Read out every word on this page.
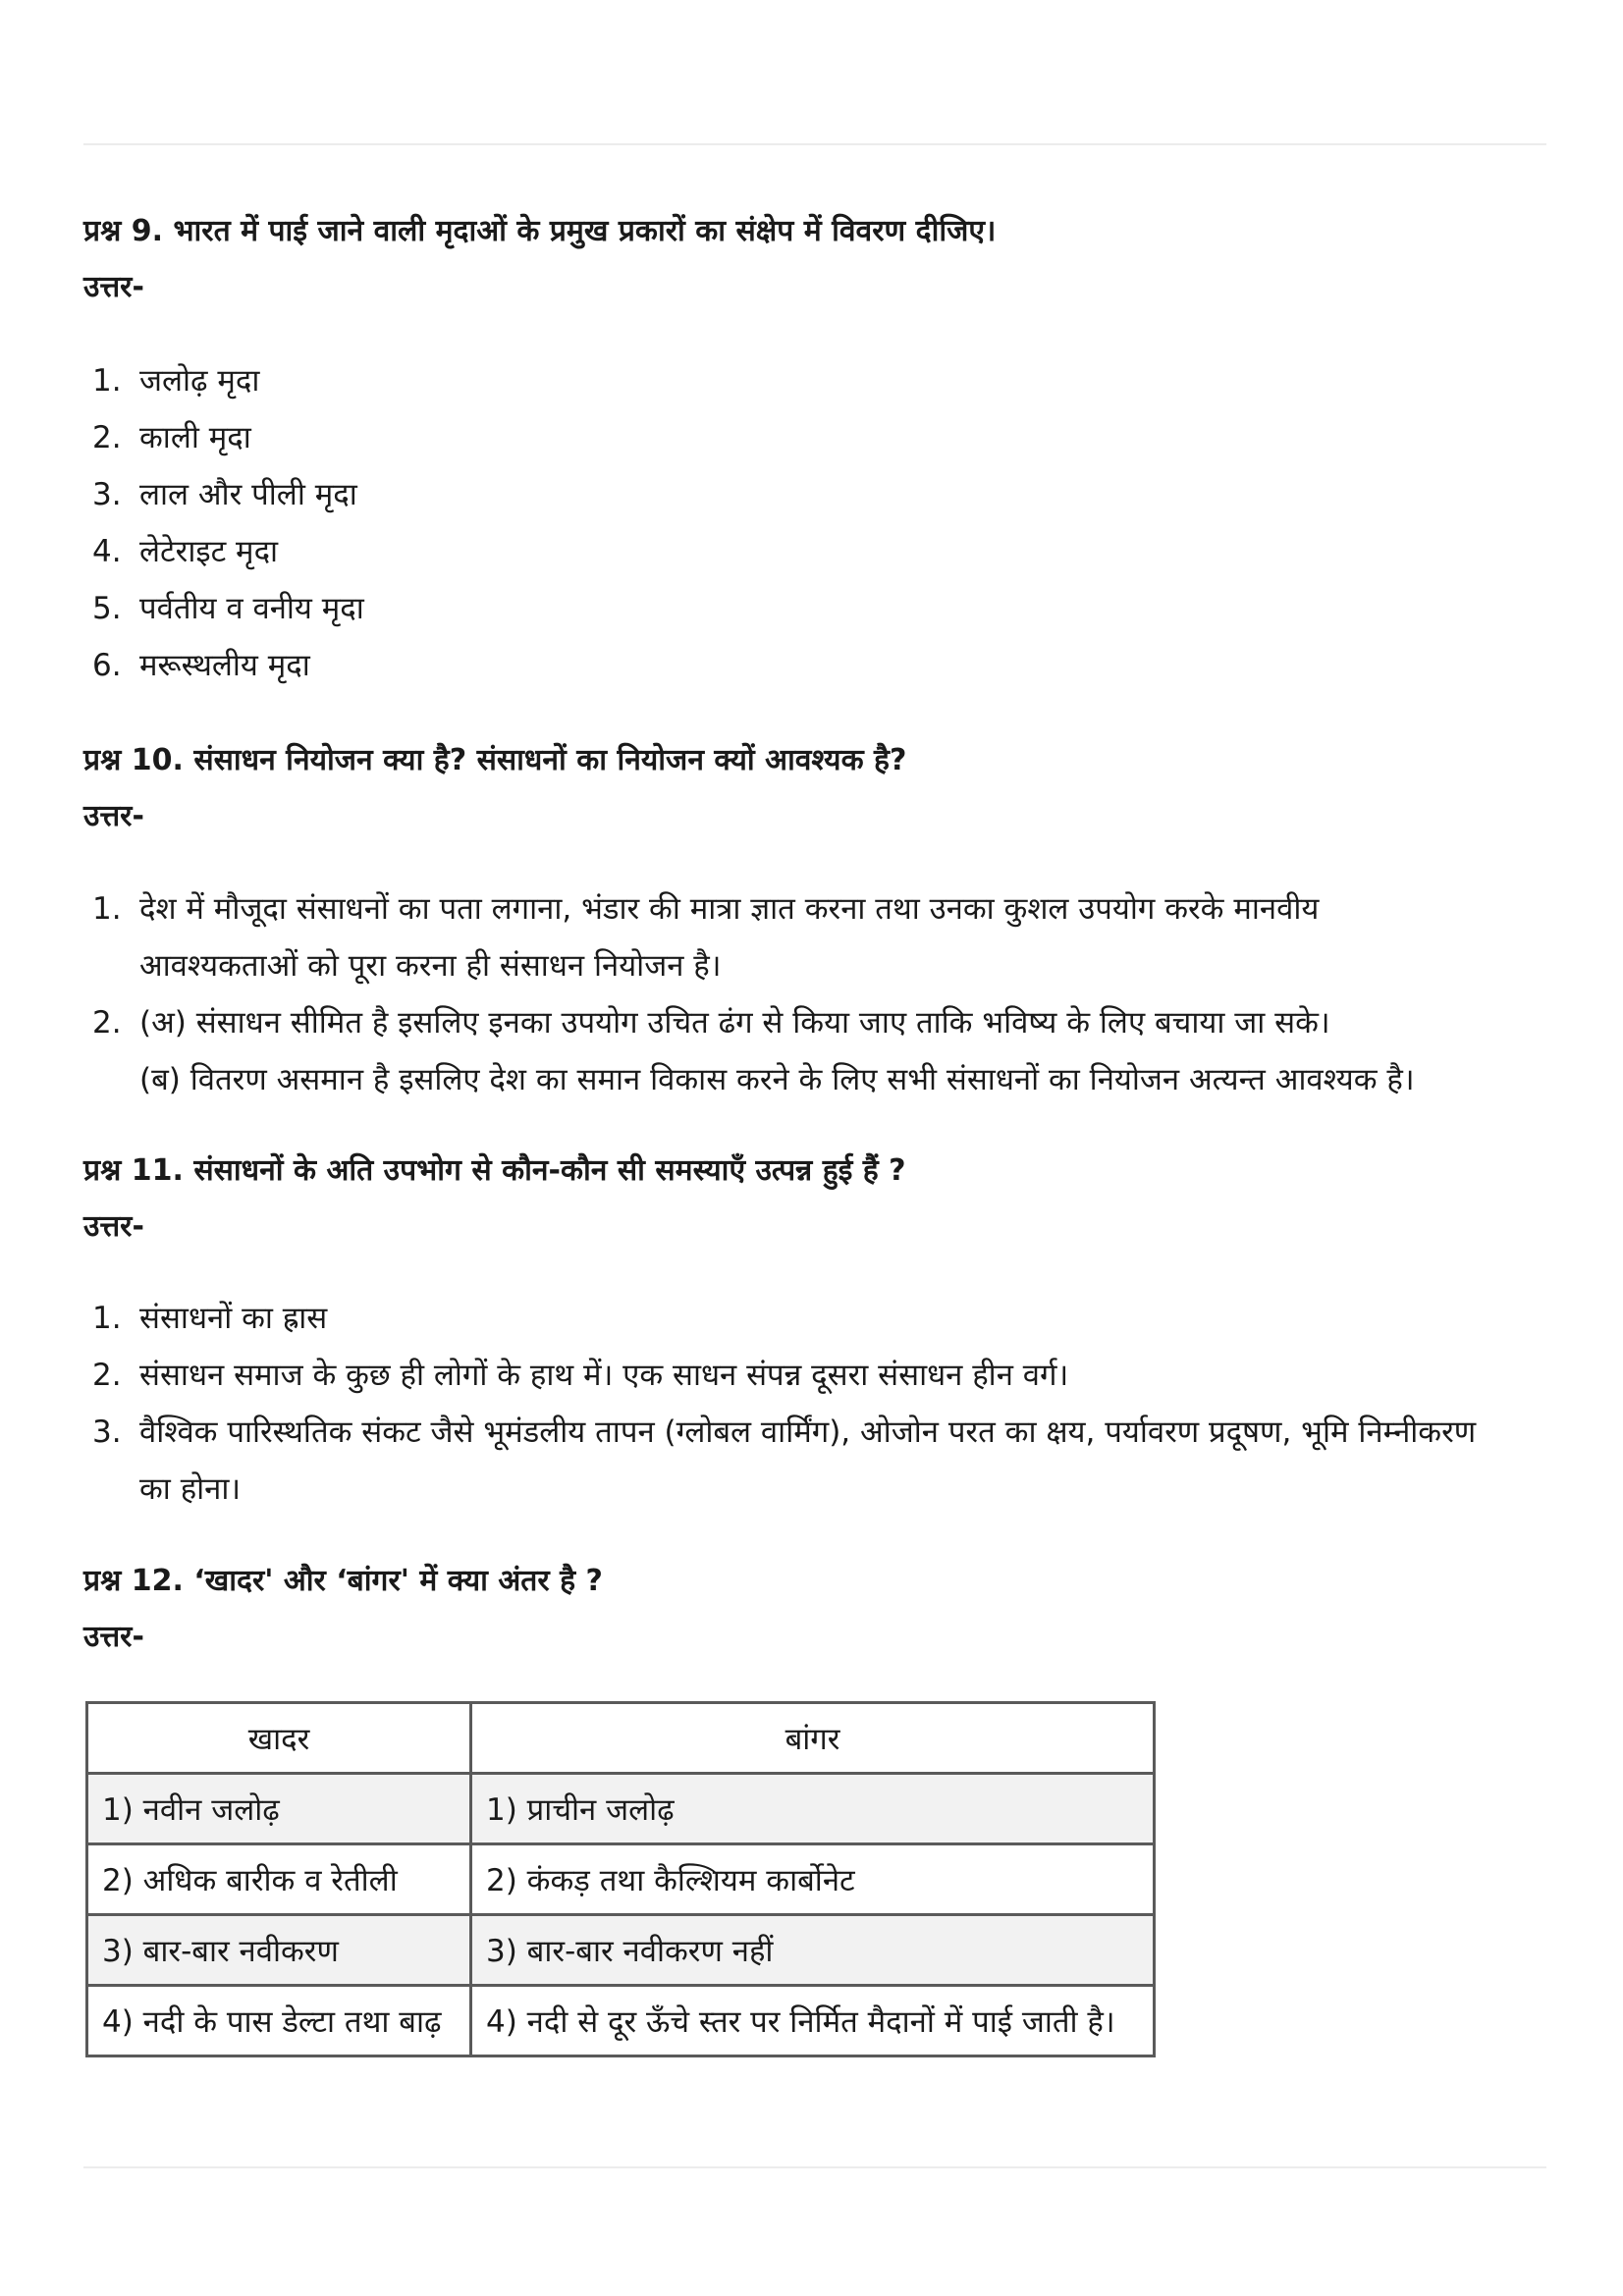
प्रश्न 9. भारत में पाई जाने वाली मृदाओं के प्रमुख प्रकारों का संक्षेप में विवरण दीजिए।
उत्तर-
1. जलोढ़ मृदा
2. काली मृदा
3. लाल और पीली मृदा
4. लेटेराइट मृदा
5. पर्वतीय व वनीय मृदा
6. मरूस्थलीय मृदा
प्रश्न 10. संसाधन नियोजन क्या है? संसाधनों का नियोजन क्यों आवश्यक है?
उत्तर-
1. देश में मौजूदा संसाधनों का पता लगाना, भंडार की मात्रा ज्ञात करना तथा उनका कुशल उपयोग करके मानवीय
आवश्यकताओं को पूरा करना ही संसाधन नियोजन है।
2. (अ) संसाधन सीमित है इसलिए इनका उपयोग उचित ढंग से किया जाए ताकि भविष्य के लिए बचाया जा सके।
(ब) वितरण असमान है इसलिए देश का समान विकास करने के लिए सभी संसाधनों का नियोजन अत्यन्त आवश्यक है।
प्रश्न 11. संसाधनों के अति उपभोग से कौन-कौन सी समस्याएँ उत्पन्न हुई हैं ?
उत्तर-
1. संसाधनों का ह्रास
2. संसाधन समाज के कुछ ही लोगों के हाथ में। एक साधन संपन्न दूसरा संसाधन हीन वर्ग।
3. वैश्विक पारिस्थतिक संकट जैसे भूमंडलीय तापन (ग्लोबल वार्मिंग), ओजोन परत का क्षय, पर्यावरण प्रदूषण, भूमि निम्नीकरण
का होना।
प्रश्न 12. ‘खादर' और ‘बांगर' में क्या अंतर है ?
उत्तर-
खादर	बांगर
1) नवीन जलोढ़	1) प्राचीन जलोढ़
2) अधिक बारीक व रेतीली	2) कंकड़ तथा कैल्शियम कार्बोनेट
3) बार-बार नवीकरण	3) बार-बार नवीकरण नहीं
4) नदी के पास डेल्टा तथा बाढ़	4) नदी से दूर ऊँचे स्तर पर निर्मित मैदानों में पाई जाती है।
